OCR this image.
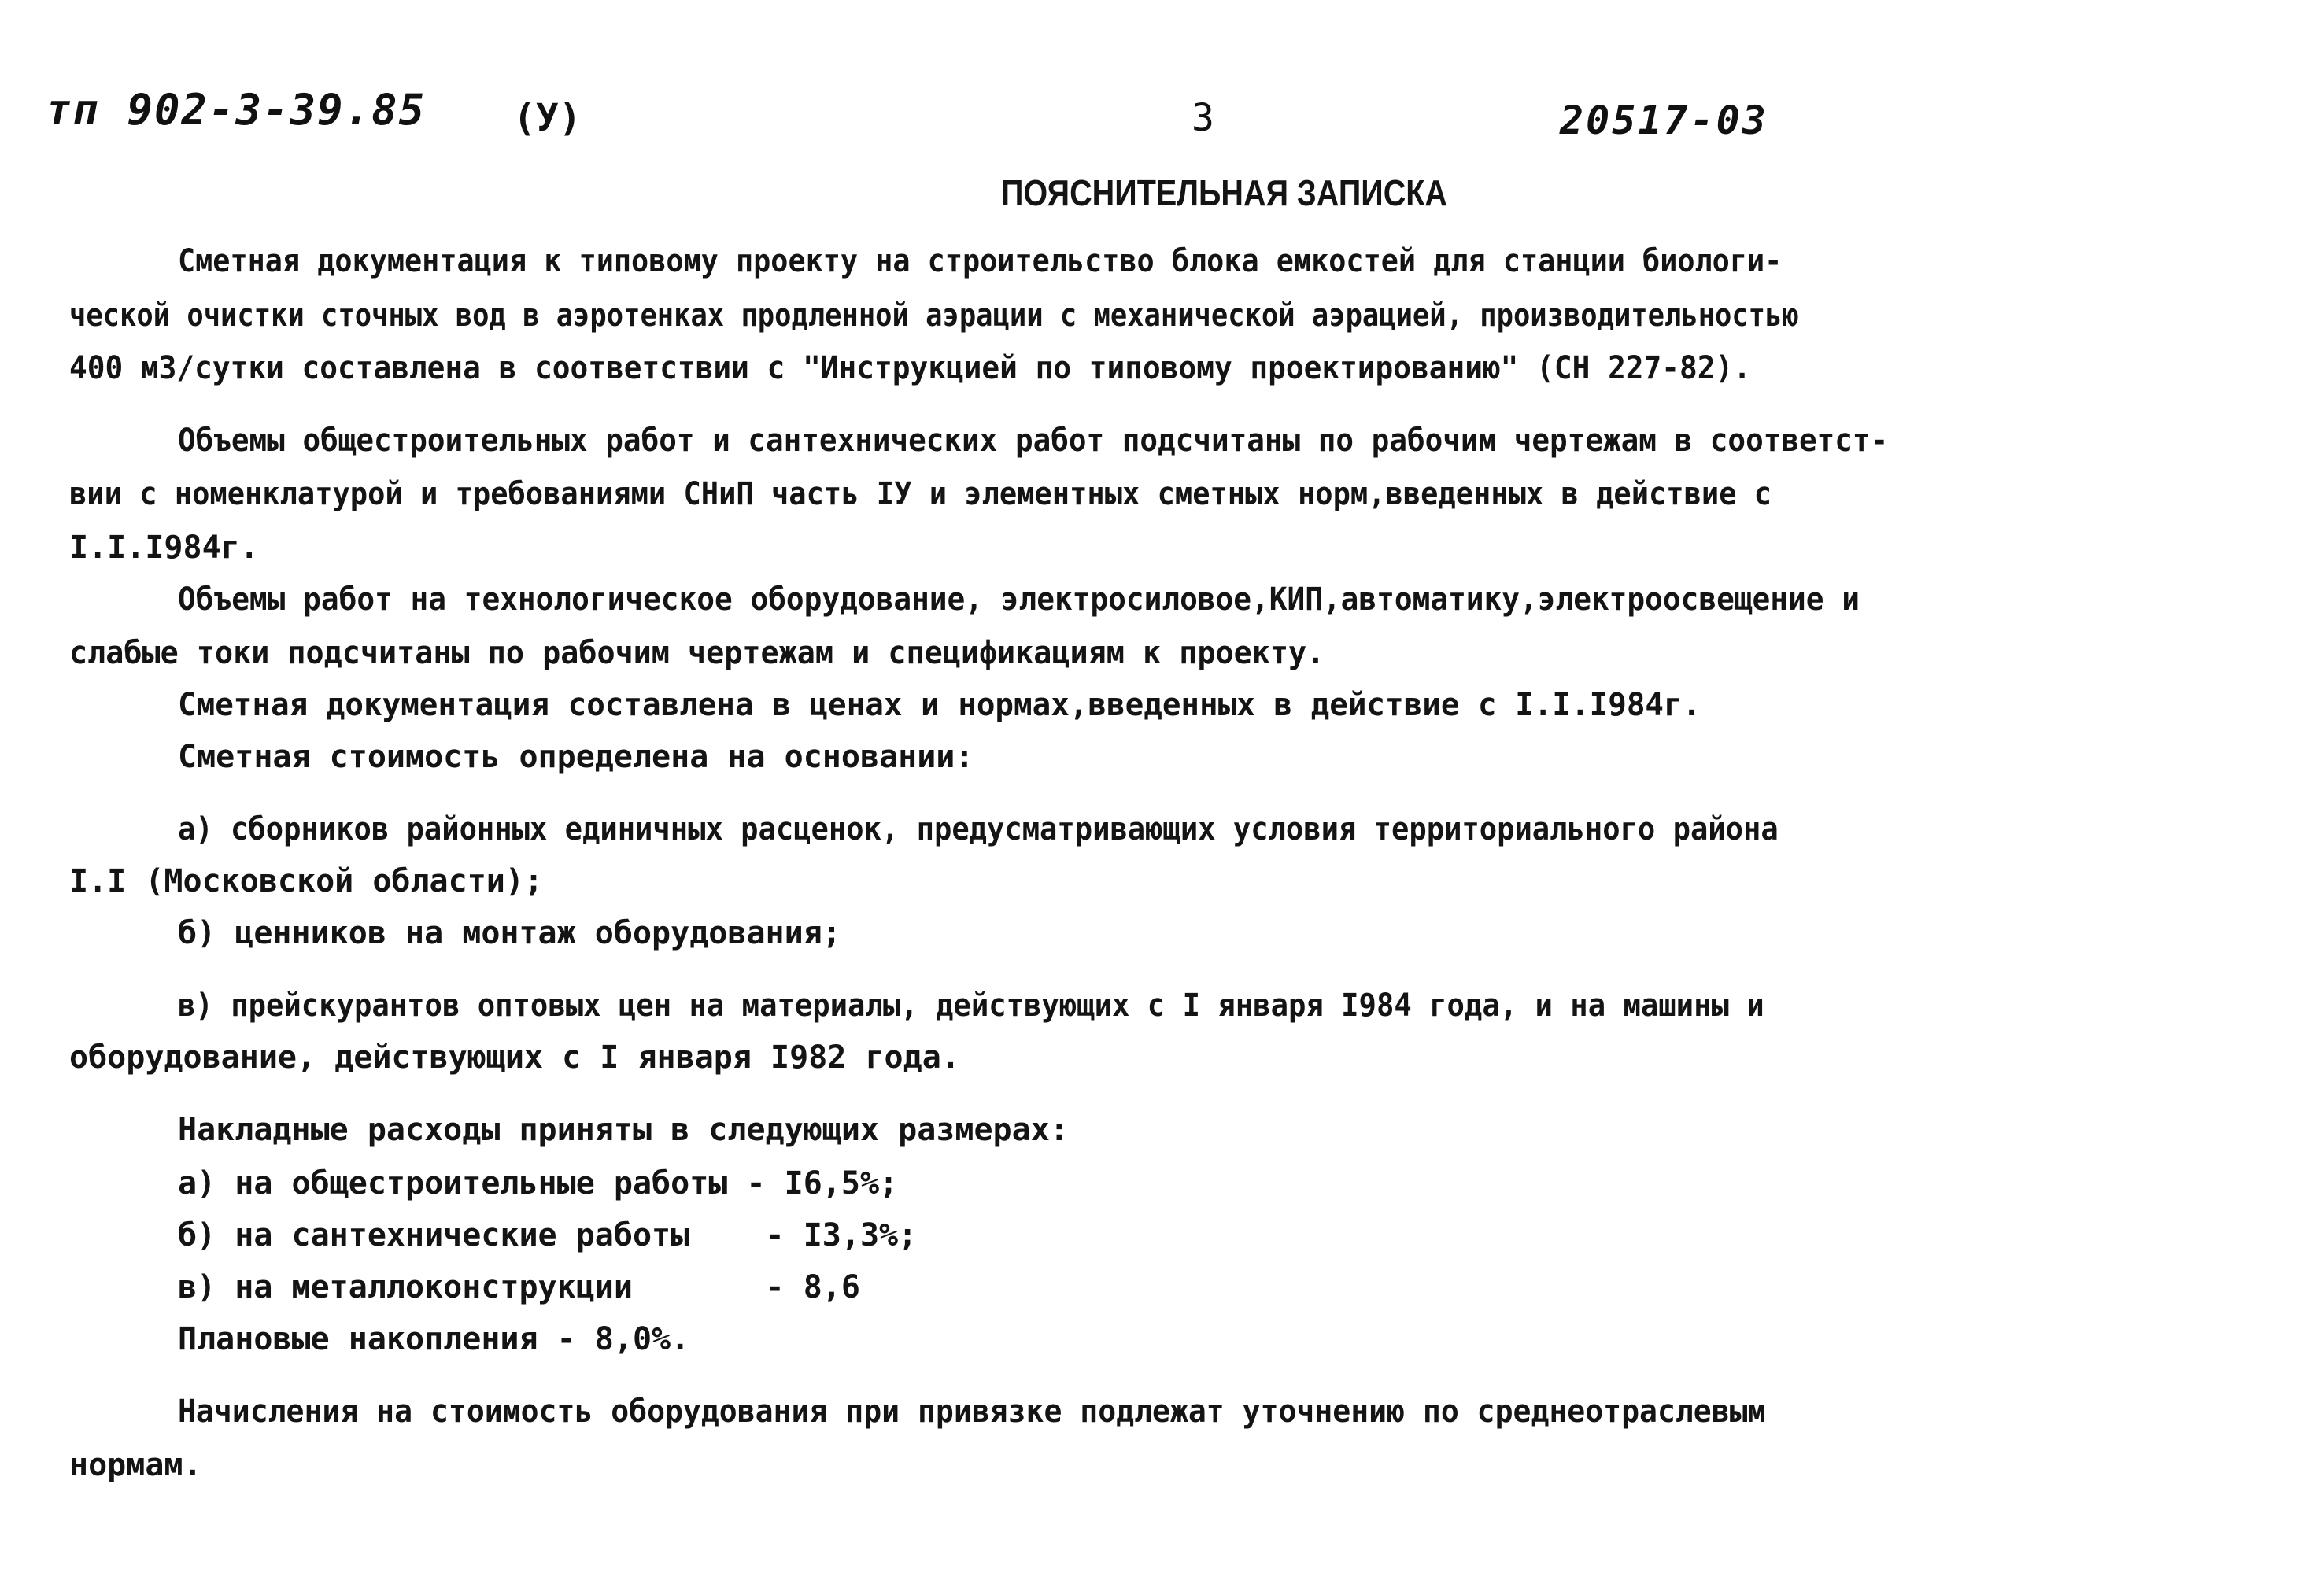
тп 902-3-39.85 (У)	3	20517-03
ПОЯСНИТЕЛЬНАЯ ЗАПИСКА
Сметная документация к типовому проекту на строительство блока емкостей для станции биологи-
ческой очистки сточных вод в аэротенках продленной аэрации с механической аэрацией, производительностью
400 м3/сутки составлена в соответствии с "Инструкцией по типовому проектированию" (СН 227-82).
Объемы общестроительных работ и сантехнических работ подсчитаны по рабочим чертежам в соответст-
вии с номенклатурой и требованиями СНиП часть IУ и элементных сметных норм,введенных в действие с
I.I.I984г.
Объемы работ на технологическое оборудование, электросиловое,КИП,автоматику,электроосвещение и
слабые токи подсчитаны по рабочим чертежам и спецификациям к проекту.
Сметная документация составлена в ценах и нормах,введенных в действие с I.I.I984г.
Сметная стоимость определена на основании:
а) сборников районных единичных расценок, предусматривающих условия территориального района
I.I (Московской области);
б) ценников на монтаж оборудования;
в) прейскурантов оптовых цен на материалы, действующих с I января I984 года, и на машины и
оборудование, действующих с I января I982 года.
Накладные расходы приняты в следующих размерах:
а) на общестроительные работы - I6,5%;
б) на сантехнические работы    - I3,3%;
в) на металлоконструкции       - 8,6
Плановые накопления - 8,0%.
Начисления на стоимость оборудования при привязке подлежат уточнению по среднеотраслевым
нормам.
